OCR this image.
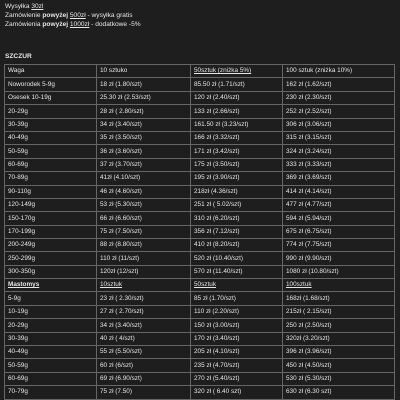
Wysyłka 30zl
Zamówienie powyżej 500zł - wysyłka gratis
Zamówienia powyżej 1000zł - dodatkowe -5%
SZCZUR
Waga	10 sztuko	50sztuk (zniżka 5%)	100 sztuk (zniżka 10%)
Noworodek 5-9g	18 zł (1.80/szt)	85.50 zł (1.71/szt)	162 zł (1.62/szt)
Osesek 10-19g	25.30 zł (2.53/szt)	120 zł (2.40/szt)	230 zł (2.30/szt)
20-29g	28 zł ( 2.80/szt)	133 zł (2.66/szt)	252 zł (2.52/szt)
30-39g	34 zł (3.40/szt)	161.50 zł (3.23/szt)	306 zł (3.06/szt)
40-49g	35 zł (3.50/szt)	166 zł (3.32/szt)	315 zł (3.15/szt)
50-59g	36 zł (3.60/szt)	171 zł (3.42/szt)	324 zł (3.24/szt)
60-69g	37 zł (3.70/szt)	175 zł (3.50/szt)	333 zł (3.33/szt)
70-89g	41zł (4.10/szt)	195 zł (3.90/szt)	369 zł (3.69/szt)
90-110g	46 zł (4.60/szt)	218zł (4.36/szt)	414 zł (4.14/szt)
120-149g	53 zł (5.30/szt)	251 zł ( 5.02/szt)	477 zł (4.77/szt)
150-170g	66 zł (6.60/szt)	310 zł (6.20/szt)	594 zł (5.94/szt)
170-199g	75 zł (7.50/szt)	356 zł (7.12/szt)	675 zł (6.75/szt)
200-249g	88 zł (8.80/szt)	410 zł (8.20/szt)	774 zł (7.75/szt)
250-299g	110 zł (11/szt)	520 zł (10.40/szt)	990 zł (9.90/szt)
300-350g	120zł (12/szt)	570 zł (11.40/szt)	1080 zł (10.80/szt)
Mastomys	10sztuk	50sztuk	100sztuk
5-9g	23 zł ( 2.30/szt)	85 zł (1.70/szt)	168zł (1.68/szt)
10-19g	27 zł ( 2.70/szt)	110 zł (2.20/szt)	215zł ( 2.15/szt)
20-29g	34 zł (3.40/szt)	150 zł (3.00/szt)	250 zł (2.50/szt)
30-39g	40 zł ( 4/szt)	170 zł (3.40/szt)	320zł (3.20/szt)
40-49g	55 zł (5.50/szt)	205 zł (4.10/szt)	396 zł (3.96/szt)
50-59g	60 zł (6/szt)	235 zł (4.70/szt)	450 zł (4.50/szt)
60-69g	69 zł (6.90/szt)	270 zł (5.40/szt)	530 zł (5.30/szt)
70-79g	75 zł (7.50)	320 zł ( 6.40 szt)	630 zł (6.30 szt)
